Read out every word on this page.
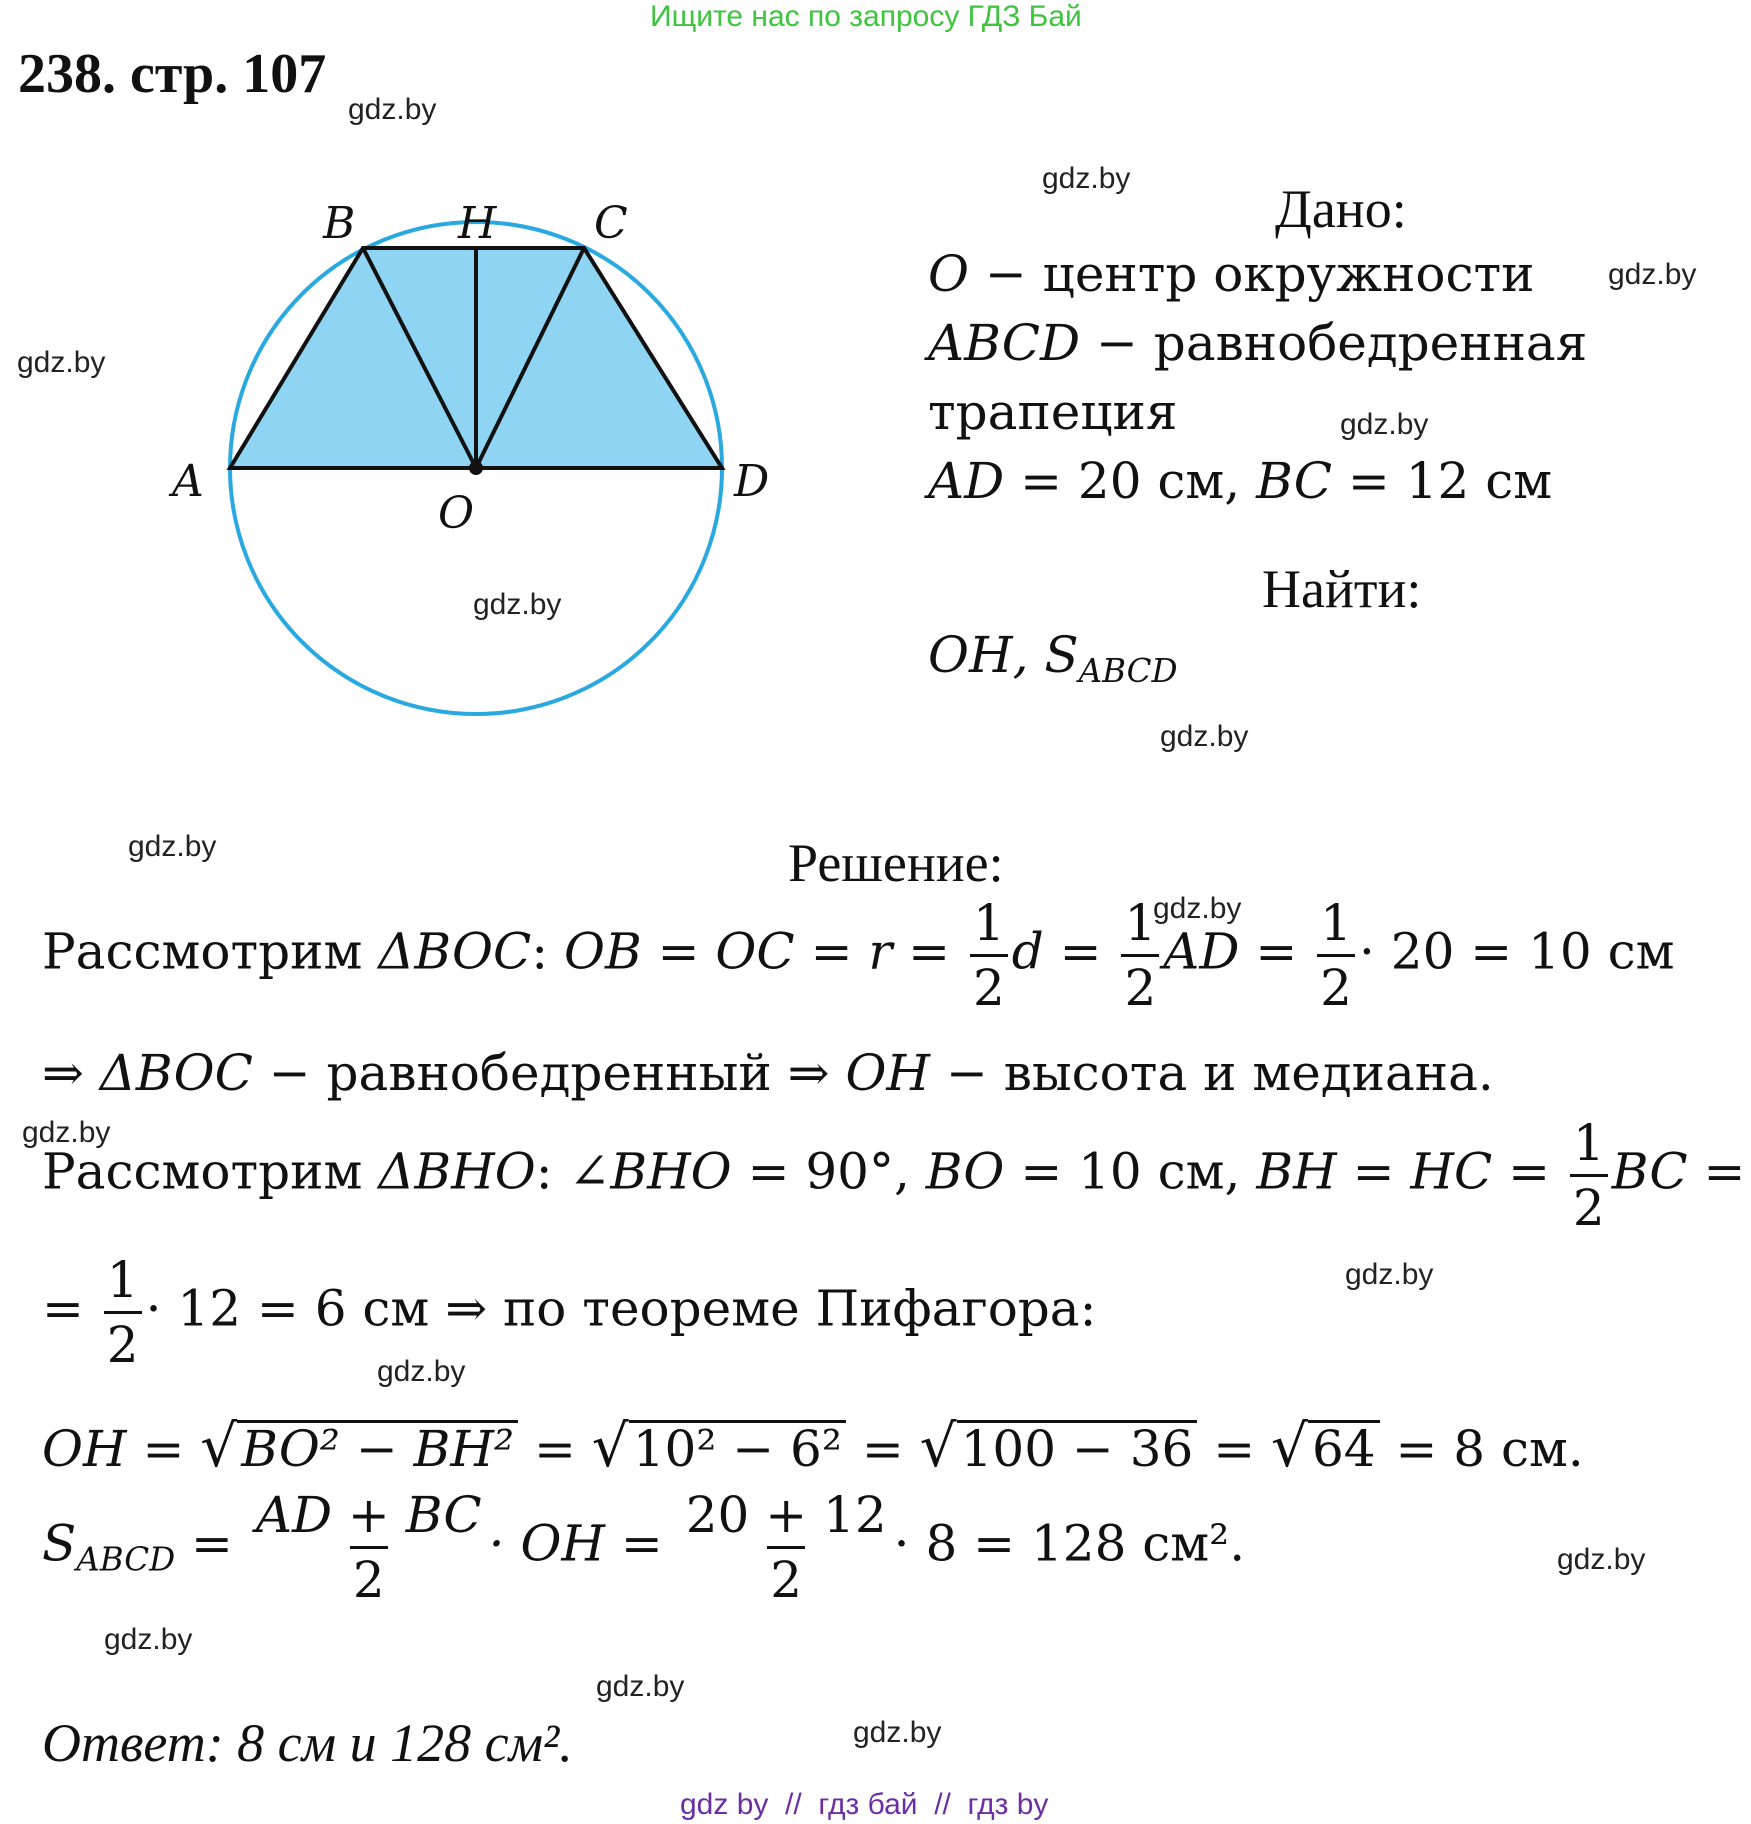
Ищите нас по запросу ГДЗ Бай
238. стр. 107
gdz.by
gdz.by
gdz.by
gdz.by
gdz.by
gdz.by
gdz.by
gdz.by
gdz.by
gdz.by
gdz.by
gdz.by
gdz.by
gdz.by
gdz.by
gdz.by
B H C
A	D
O
Дано:
O − центр окружности
ABCD − равнобедренная
трапеция
AD = 20 см, BC = 12 см
Найти:
OH, $S_{ABCD}$
Решение:
Рассмотрим ΔBOC: OB = OC = $r = \frac{1}{2}$ $d = \frac{1}{2}$ AD = $\frac{1}{2} \cdot 20 = 10$ см
⇒ ΔBOC − равнобедренный ⇒ OH − высота и медиана.
Рассмотрим ΔBHO: ∠BHO = 90°, BO = 10 см, BH = HC = $\frac{1}{2}$ BC =
= $\frac{1}{2} \cdot 12 = 6$ см ⇒ по теореме Пифагора:
OH = √BO² − BH² = √10² − 6² = √100 − 36 = √64 = 8 см.
$S_{ABCD} = \frac{AD + BC}{2}$ · OH = $\frac{20 + 12}{2} \cdot 8 = 128$ см².
Ответ: 8 см и 128 см².
gdz by  //  гдз бай  //  гдз by
